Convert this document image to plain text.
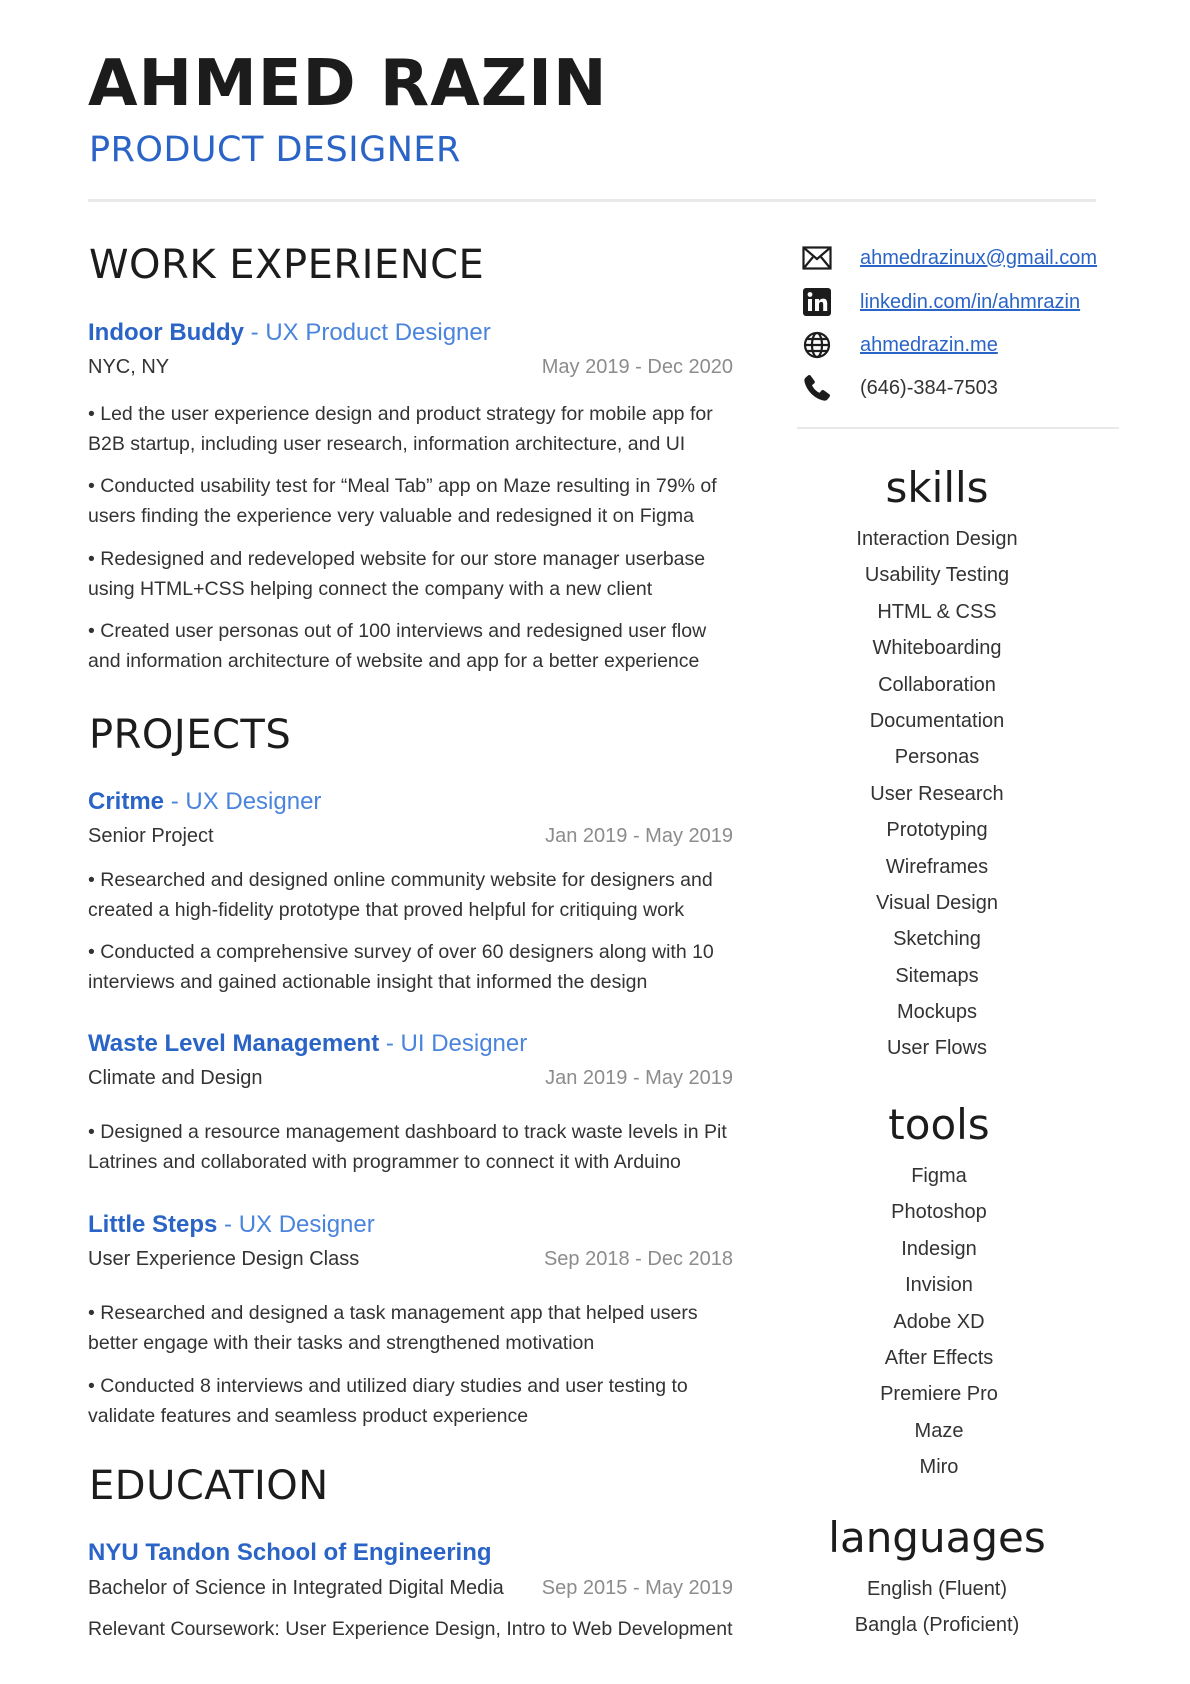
AHMED RAZIN
PRODUCT DESIGNER
WORK EXPERIENCE
Indoor Buddy - UX Product Designer
NYC, NY	May 2019 - Dec 2020
• Led the user experience design and product strategy for mobile app for B2B startup, including user research, information architecture, and UI
• Conducted usability test for “Meal Tab” app on Maze resulting in 79% of users finding the experience very valuable and redesigned it on Figma
• Redesigned and redeveloped website for our store manager userbase using HTML+CSS helping connect the company with a new client
• Created user personas out of 100 interviews and redesigned user flow and information architecture of website and app for a better experience
PROJECTS
Critme - UX Designer
Senior Project	Jan 2019 - May 2019
• Researched and designed online community website for designers and created a high-fidelity prototype that proved helpful for critiquing work
• Conducted a comprehensive survey of over 60 designers along with 10 interviews and gained actionable insight that informed the design
Waste Level Management - UI Designer
Climate and Design	Jan 2019 - May 2019
• Designed a resource management dashboard to track waste levels in Pit Latrines and collaborated with programmer to connect it with Arduino
Little Steps - UX Designer
User Experience Design Class	Sep 2018 - Dec 2018
• Researched and designed a task management app that helped users better engage with their tasks and strengthened motivation
• Conducted 8 interviews and utilized diary studies and user testing to validate features and seamless product experience
EDUCATION
NYU Tandon School of Engineering
Bachelor of Science in Integrated Digital Media Sep 2015 - May 2019
Relevant Coursework: User Experience Design, Intro to Web Development
ahmedrazinux@gmail.com
linkedin.com/in/ahmrazin
ahmedrazin.me
(646)-384-7503
skills
Interaction Design
Usability Testing
HTML & CSS
Whiteboarding
Collaboration
Documentation
Personas
User Research
Prototyping
Wireframes
Visual Design
Sketching
Sitemaps
Mockups
User Flows
tools
Figma
Photoshop
Indesign
Invision
Adobe XD
After Effects
Premiere Pro
Maze
Miro
languages
English (Fluent)
Bangla (Proficient)
